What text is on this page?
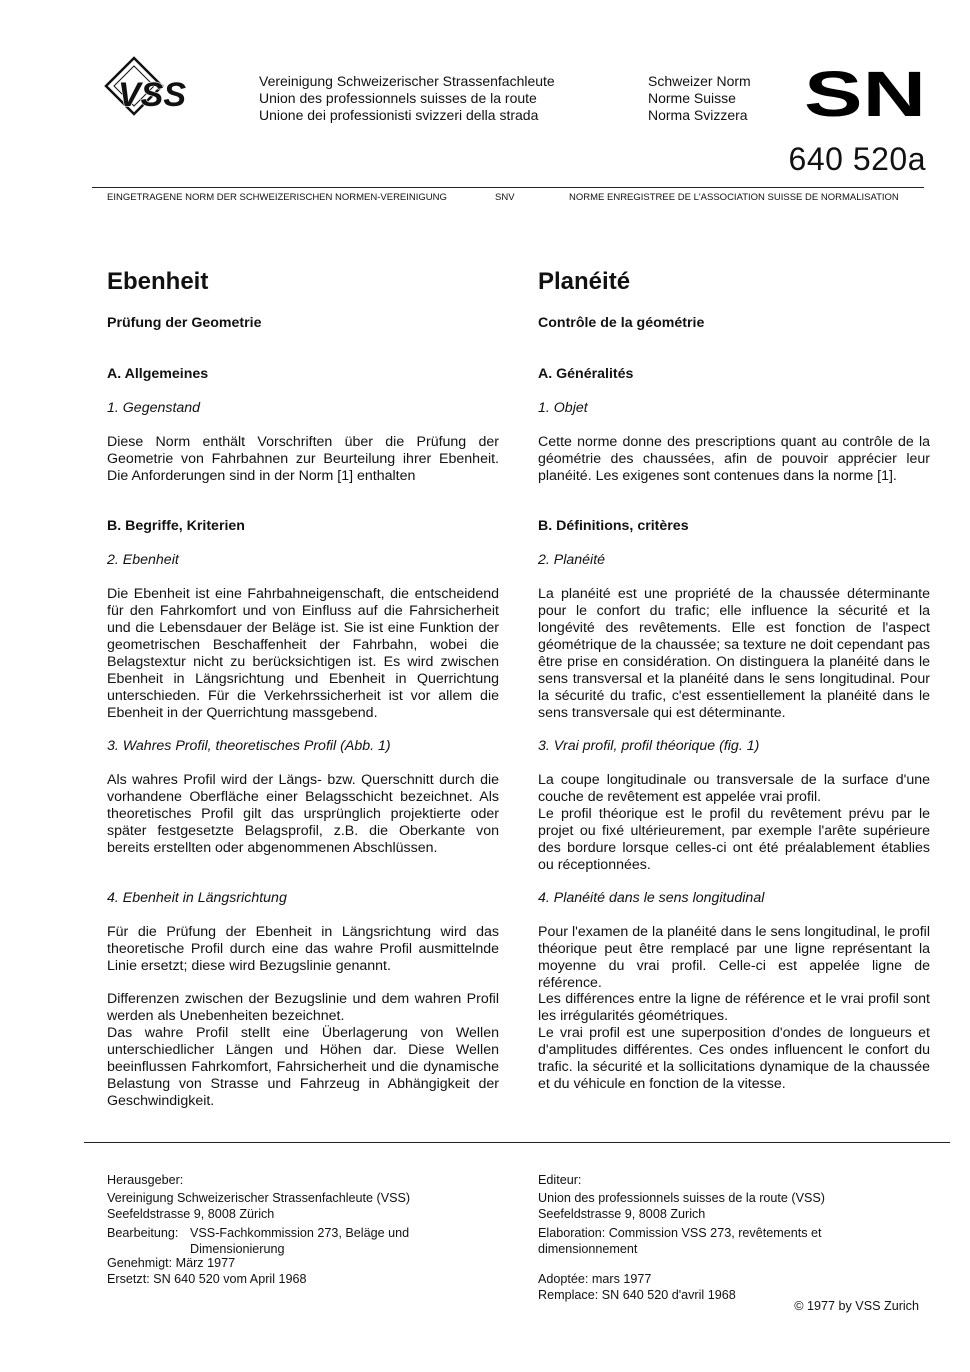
VSS	Vereinigung Schweizerischer Strassenfachleute
Union des professionnels suisses de la route
Unione dei professionisti svizzeri della strada
Schweizer Norm
Norme Suisse
Norma Svizzera SN
640 520a
EINGETRAGENE NORM DER SCHWEIZERISCHEN NORMEN-VEREINIGUNG	SNV	NORME ENREGISTREE DE L'ASSOCIATION SUISSE DE NORMALISATION
Ebenheit
Prüfung der Geometrie
A. Allgemeines
1. Gegenstand
Diese Norm enthält Vorschriften über die Prüfung der Geometrie von Fahrbahnen zur Beurteilung ihrer Ebenheit. Die Anforderungen sind in der Norm [1] enthalten
B. Begriffe, Kriterien
2. Ebenheit
Die Ebenheit ist eine Fahrbahneigenschaft, die entscheidend für den Fahrkomfort und von Einfluss auf die Fahrsicherheit und die Lebensdauer der Beläge ist. Sie ist eine Funktion der geometrischen Beschaffenheit der Fahrbahn, wobei die Belagstextur nicht zu berücksichtigen ist. Es wird zwischen Ebenheit in Längsrichtung und Ebenheit in Querrichtung unterschieden. Für die Verkehrssicherheit ist vor allem die Ebenheit in der Querrichtung massgebend.
3. Wahres Profil, theoretisches Profil (Abb. 1)
Als wahres Profil wird der Längs- bzw. Querschnitt durch die vorhandene Oberfläche einer Belagsschicht bezeichnet. Als theoretisches Profil gilt das ursprünglich projektierte oder später festgesetzte Belagsprofil, z.B. die Oberkante von bereits erstellten oder abgenommenen Abschlüssen.
4. Ebenheit in Längsrichtung
Für die Prüfung der Ebenheit in Längsrichtung wird das theoretische Profil durch eine das wahre Profil ausmittelnde Linie ersetzt; diese wird Bezugslinie genannt.
Differenzen zwischen der Bezugslinie und dem wahren Profil werden als Unebenheiten bezeichnet.
Das wahre Profil stellt eine Überlagerung von Wellen unterschiedlicher Längen und Höhen dar. Diese Wellen beeinflussen Fahrkomfort, Fahrsicherheit und die dynamische Belastung von Strasse und Fahrzeug in Abhängigkeit der Geschwindigkeit.
Planéité
Contrôle de la géométrie
A. Généralités
1. Objet
Cette norme donne des prescriptions quant au contrôle de la géométrie des chaussées, afin de pouvoir apprécier leur planéité. Les exigenes sont contenues dans la norme [1].
B. Définitions, critères
2. Planéité
La planéité est une propriété de la chaussée déterminante pour le confort du trafic; elle influence la sécurité et la longévité des revêtements. Elle est fonction de l'aspect géométrique de la chaussée; sa texture ne doit cependant pas être prise en considération. On distinguera la planéité dans le sens transversal et la planéité dans le sens longitudinal. Pour la sécurité du trafic, c'est essentiellement la planéité dans le sens transversale qui est déterminante.
3. Vrai profil, profil théorique (fig. 1)
La coupe longitudinale ou transversale de la surface d'une couche de revêtement est appelée vrai profil.
Le profil théorique est le profil du revêtement prévu par le projet ou fixé ultérieurement, par exemple l'arête supérieure des bordure lorsque celles-ci ont été préalablement établies ou réceptionnées.
4. Planéité dans le sens longitudinal
Pour l'examen de la planéité dans le sens longitudinal, le profil théorique peut être remplacé par une ligne représentant la moyenne du vrai profil. Celle-ci est appelée ligne de référence.
Les différences entre la ligne de référence et le vrai profil sont les irrégularités géométriques.
Le vrai profil est une superposition d'ondes de longueurs et d'amplitudes différentes. Ces ondes influencent le confort du trafic. la sécurité et la sollicitations dynamique de la chaussée et du véhicule en fonction de la vitesse.
Herausgeber:
Vereinigung Schweizerischer Strassenfachleute (VSS)
Seefeldstrasse 9, 8008 Zürich
Bearbeitung: VSS-Fachkommission 273, Beläge und Dimensionierung
Genehmigt: März 1977
Ersetzt: SN 640 520 vom April 1968
Editeur:
Union des professionnels suisses de la route (VSS)
Seefeldstrasse 9, 8008 Zurich
Elaboration: Commission VSS 273, revêtements et dimensionnement
Adoptée: mars 1977
Remplace: SN 640 520 d'avril 1968
© 1977 by VSS Zurich
